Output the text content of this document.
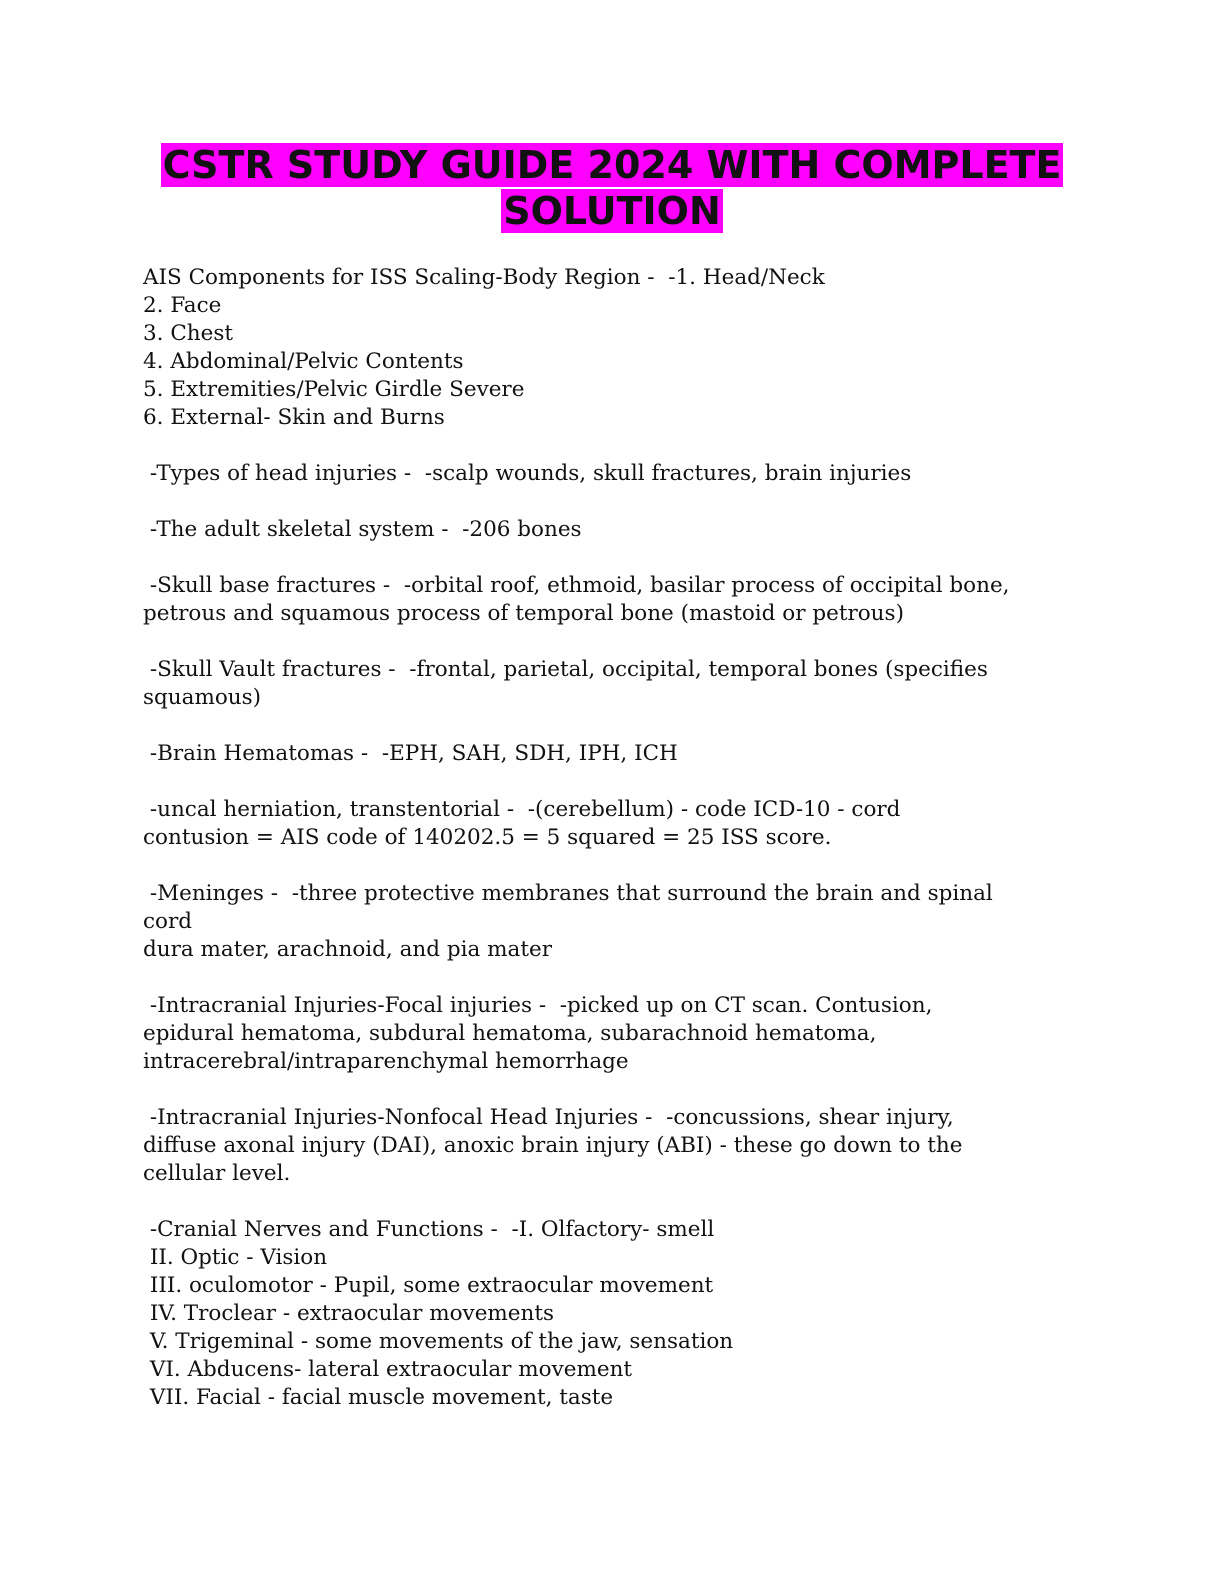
CSTR STUDY GUIDE 2024 WITH COMPLETE
SOLUTION
AIS Components for ISS Scaling-Body Region -  -1. Head/Neck
2. Face
3. Chest
4. Abdominal/Pelvic Contents
5. Extremities/Pelvic Girdle Severe
6. External- Skin and Burns
-Types of head injuries -  -scalp wounds, skull fractures, brain injuries
-The adult skeletal system -  -206 bones
-Skull base fractures -  -orbital roof, ethmoid, basilar process of occipital bone,
petrous and squamous process of temporal bone (mastoid or petrous)
-Skull Vault fractures -  -frontal, parietal, occipital, temporal bones (specifies
squamous)
-Brain Hematomas -  -EPH, SAH, SDH, IPH, ICH
-uncal herniation, transtentorial -  -(cerebellum) - code ICD-10 - cord
contusion = AIS code of 140202.5 = 5 squared = 25 ISS score.
-Meninges -  -three protective membranes that surround the brain and spinal
cord
dura mater, arachnoid, and pia mater
-Intracranial Injuries-Focal injuries -  -picked up on CT scan. Contusion,
epidural hematoma, subdural hematoma, subarachnoid hematoma,
intracerebral/intraparenchymal hemorrhage
-Intracranial Injuries-Nonfocal Head Injuries -  -concussions, shear injury,
diffuse axonal injury (DAI), anoxic brain injury (ABI) - these go down to the
cellular level.
-Cranial Nerves and Functions -  -I. Olfactory- smell
II. Optic - Vision
III. oculomotor - Pupil, some extraocular movement
IV. Troclear - extraocular movements
V. Trigeminal - some movements of the jaw, sensation
VI. Abducens- lateral extraocular movement
VII. Facial - facial muscle movement, taste
